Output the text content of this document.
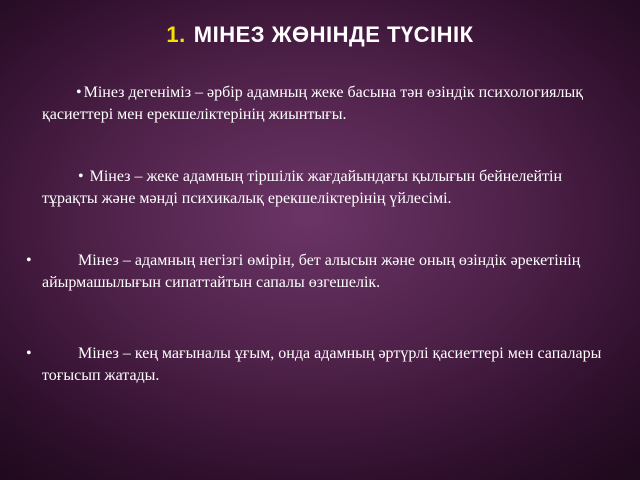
1. МІНЕЗ ЖӨНІНДЕ ТҮСІНІК

• Мінез дегеніміз – әрбір адамның жеке басына тән өзіндік психологиялық қасиеттері мен ерекшеліктерінің жиынтығы.

• Мінез – жеке адамның тіршілік жағдайындағы қылығын бейнелейтін тұрақты және мәнді психикалық ерекшеліктерінің үйлесімі.

•	Мінез – адамның негізгі өмірін, бет алысын және оның өзіндік әрекетінің айырмашылығын сипаттайтын сапалы өзгешелік.

•	Мінез – кең мағыналы ұғым, онда адамның әртүрлі қасиеттері мен сапалары тоғысып жатады.
